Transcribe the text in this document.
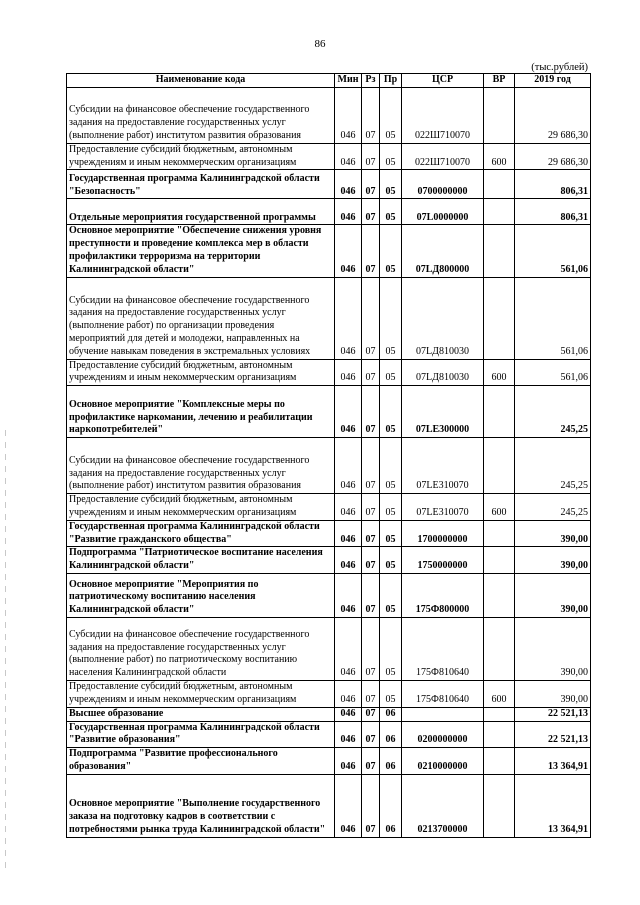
86
(тыс.рублей)
Наименование кода	Мин	Рз	Пр	ЦСР	ВР	2019 год
Субсидии на финансовое обеспечение государственного задания на предоставление государственных услуг (выполнение работ) институтом развития образования	046	07	05	022Ш710070		29 686,30
Предоставление субсидий бюджетным, автономным учреждениям и иным некоммерческим организациям	046	07	05	022Ш710070	600	29 686,30
Государственная программа Калининградской области "Безопасность"	046	07	05	0700000000		806,31
Отдельные мероприятия государственной программы	046	07	05	07L0000000		806,31
Основное мероприятие "Обеспечение снижения уровня преступности и проведение комплекса мер в области профилактики терроризма на территории Калининградской области"	046	07	05	07LД800000		561,06
Субсидии на финансовое обеспечение государственного задания на предоставление государственных услуг (выполнение работ) по организации проведения мероприятий для детей и молодежи, направленных на обучение навыкам поведения в экстремальных условиях	046	07	05	07LД810030		561,06
Предоставление субсидий бюджетным, автономным учреждениям и иным некоммерческим организациям	046	07	05	07LД810030	600	561,06
Основное мероприятие "Комплексные меры по профилактике наркомании, лечению и реабилитации наркопотребителей"	046	07	05	07LE300000		245,25
Субсидии на финансовое обеспечение государственного задания на предоставление государственных услуг (выполнение работ) институтом развития образования	046	07	05	07LE310070		245,25
Предоставление субсидий бюджетным, автономным учреждениям и иным некоммерческим организациям	046	07	05	07LE310070	600	245,25
Государственная программа Калининградской области "Развитие гражданского общества"	046	07	05	1700000000		390,00
Подпрограмма "Патриотическое воспитание населения Калининградской области"	046	07	05	1750000000		390,00
Основное мероприятие "Мероприятия по патриотическому воспитанию населения Калининградской области"	046	07	05	175Ф800000		390,00
Субсидии на финансовое обеспечение государственного задания на предоставление государственных услуг (выполнение работ) по патриотическому воспитанию населения Калининградской области	046	07	05	175Ф810640		390,00
Предоставление субсидий бюджетным, автономным учреждениям и иным некоммерческим организациям	046	07	05	175Ф810640	600	390,00
Высшее образование	046	07	06			22 521,13
Государственная программа Калининградской области "Развитие образования"	046	07	06	0200000000		22 521,13
Подпрограмма "Развитие профессионального образования"	046	07	06	0210000000		13 364,91
Основное мероприятие "Выполнение государственного заказа на подготовку кадров в соответствии с потребностями рынка труда Калининградской области"	046	07	06	0213700000		13 364,91
